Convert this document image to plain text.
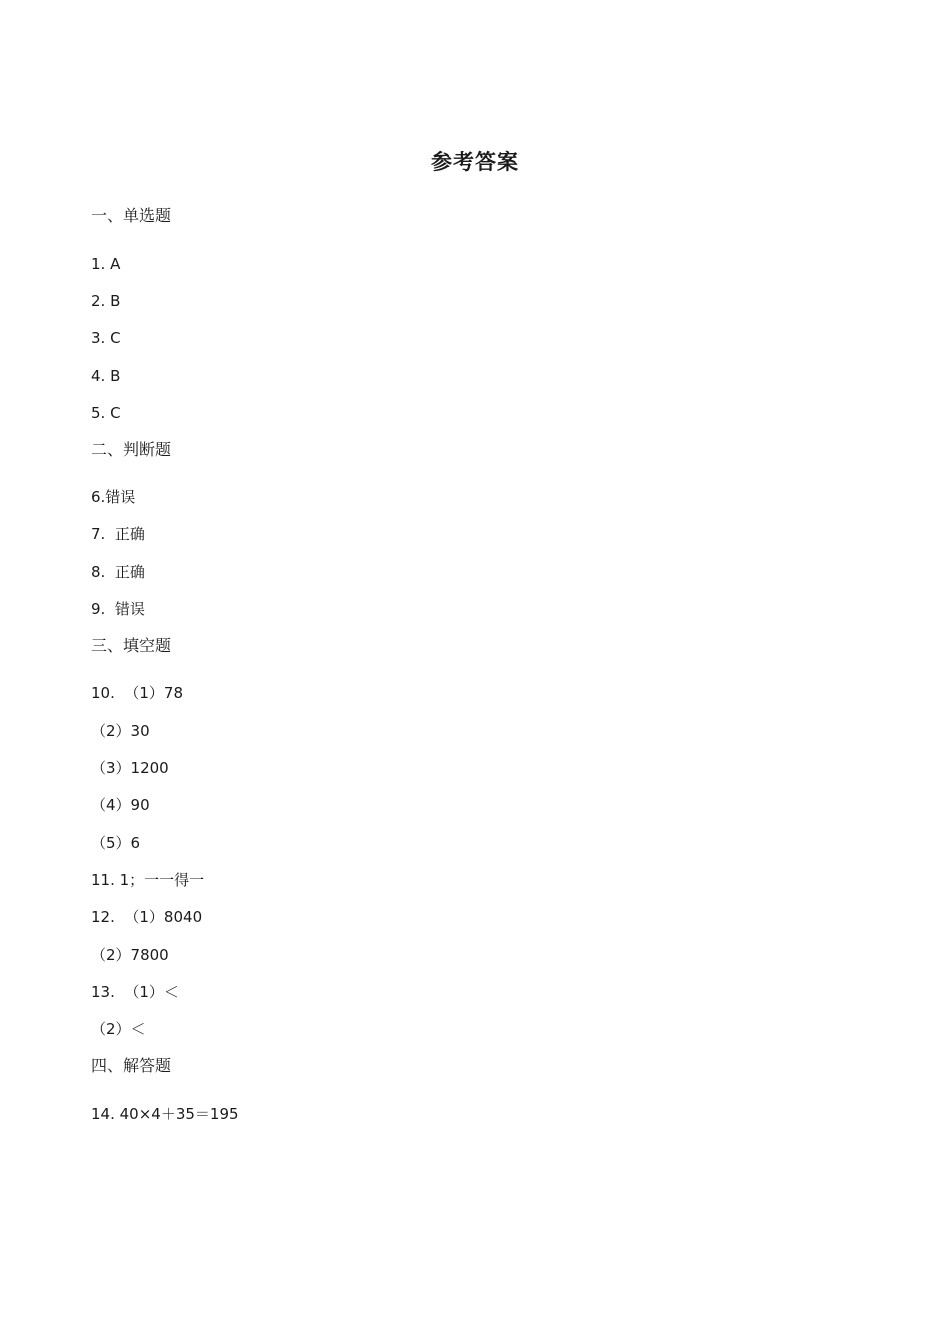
参考答案
一、单选题
1. A
2. B
3. C
4. B
5. C
二、判断题
6.错误
7.  正确
8.  正确
9.  错误
三、填空题
10.  （1）78
（2）30
（3）1200
（4）90
（5）6
11. 1；一一得一
12.  （1）8040
（2）7800
13.  （1）＜
（2）＜
四、解答题
14. 40×4＋35＝195
